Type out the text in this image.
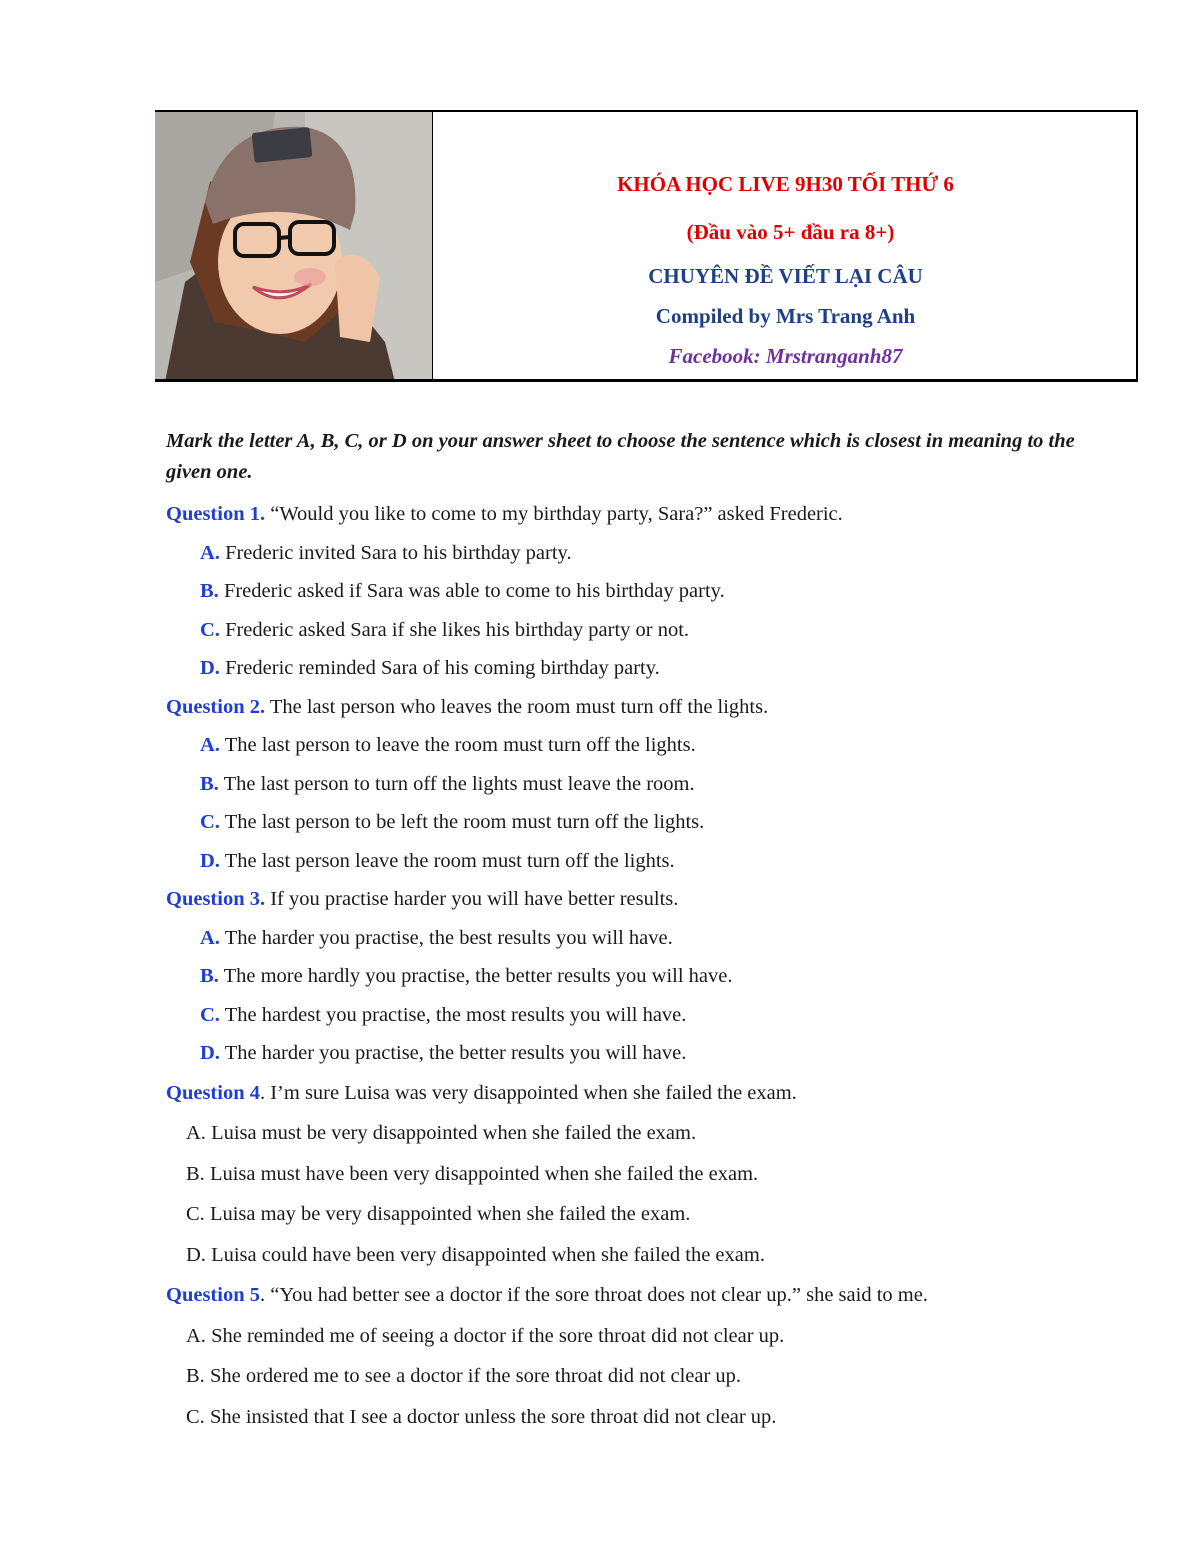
KHÓA HỌC LIVE 9H30 TỐI THỨ 6
(Đầu vào 5+ đầu ra 8+)
CHUYÊN ĐỀ VIẾT LẠI CÂU
Compiled by Mrs Trang Anh
Facebook: Mrstranganh87

Mark the letter A, B, C, or D on your answer sheet to choose the sentence which is closest in meaning to the given one.

Question 1. “Would you like to come to my birthday party, Sara?” asked Frederic.

A. Frederic invited Sara to his birthday party.

B. Frederic asked if Sara was able to come to his birthday party.

C. Frederic asked Sara if she likes his birthday party or not.

D. Frederic reminded Sara of his coming birthday party.

Question 2. The last person who leaves the room must turn off the lights.

A. The last person to leave the room must turn off the lights.

B. The last person to turn off the lights must leave the room.

C. The last person to be left the room must turn off the lights.

D. The last person leave the room must turn off the lights.

Question 3. If you practise harder you will have better results.

A. The harder you practise, the best results you will have.

B. The more hardly you practise, the better results you will have.

C. The hardest you practise, the most results you will have.

D. The harder you practise, the better results you will have.

Question 4. I’m sure Luisa was very disappointed when she failed the exam.

A. Luisa must be very disappointed when she failed the exam.

B. Luisa must have been very disappointed when she failed the exam.

C. Luisa may be very disappointed when she failed the exam.

D. Luisa could have been very disappointed when she failed the exam.

Question 5. “You had better see a doctor if the sore throat does not clear up.” she said to me.

A. She reminded me of seeing a doctor if the sore throat did not clear up.

B. She ordered me to see a doctor if the sore throat did not clear up.

C. She insisted that I see a doctor unless the sore throat did not clear up.
